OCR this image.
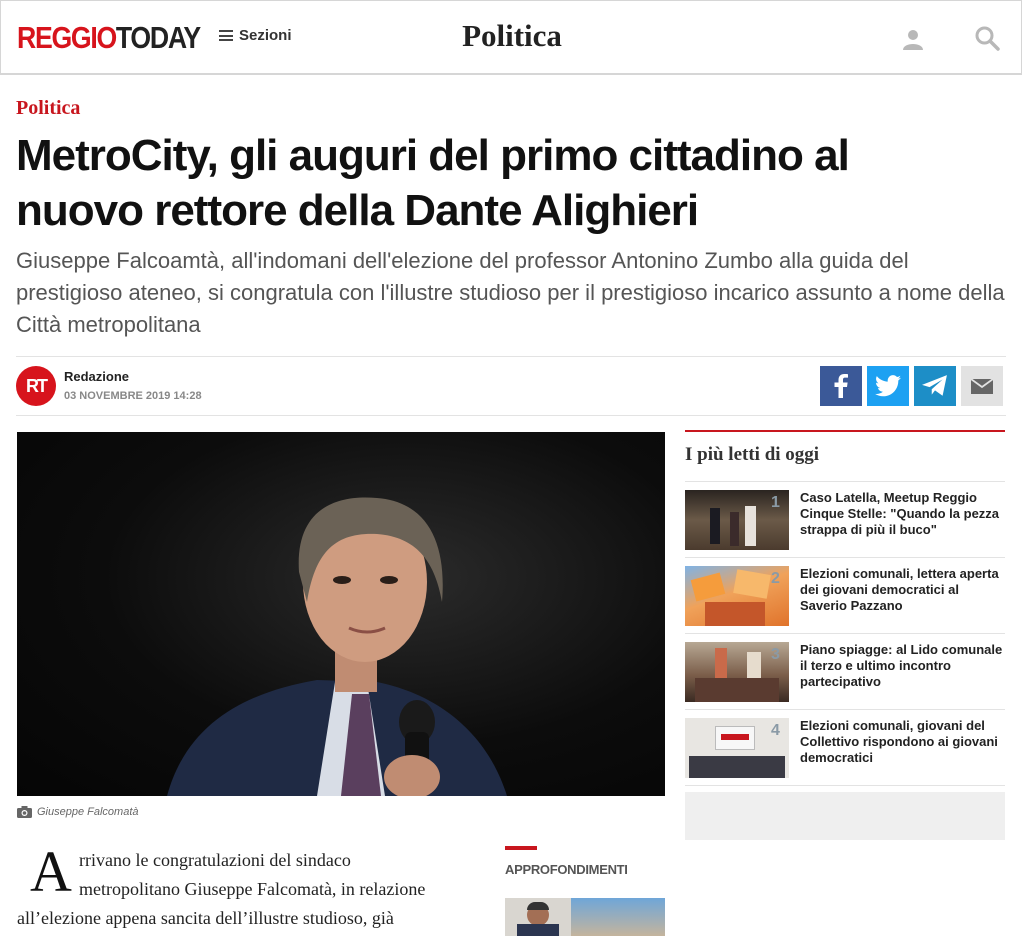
REGGIOTODAY	Sezioni	Politica
Politica
MetroCity, gli auguri del primo cittadino al nuovo rettore della Dante Alighieri

Giuseppe Falcoamtà, all'indomani dell'elezione del professor Antonino Zumbo alla guida del prestigioso ateneo, si congratula con l'illustre studioso per il prestigioso incarico assunto a nome della Città metropolitana

RT	Redazione
03 NOVEMBRE 2019 14:28
Giuseppe Falcomatà
A rrivano le congratulazioni del sindaco
metropolitano Giuseppe Falcomatà, in relazione
all’elezione appena sancita dell’illustre studioso, già
APPROFONDIMENTI
I più letti di oggi
1 Caso Latella, Meetup Reggio Cinque Stelle: "Quando la pezza strappa di più il buco"
2 Elezioni comunali, lettera aperta dei giovani democratici al Saverio Pazzano
3 Piano spiagge: al Lido comunale il terzo e ultimo incontro partecipativo
4 Elezioni comunali, giovani del Collettivo rispondono ai giovani democratici
